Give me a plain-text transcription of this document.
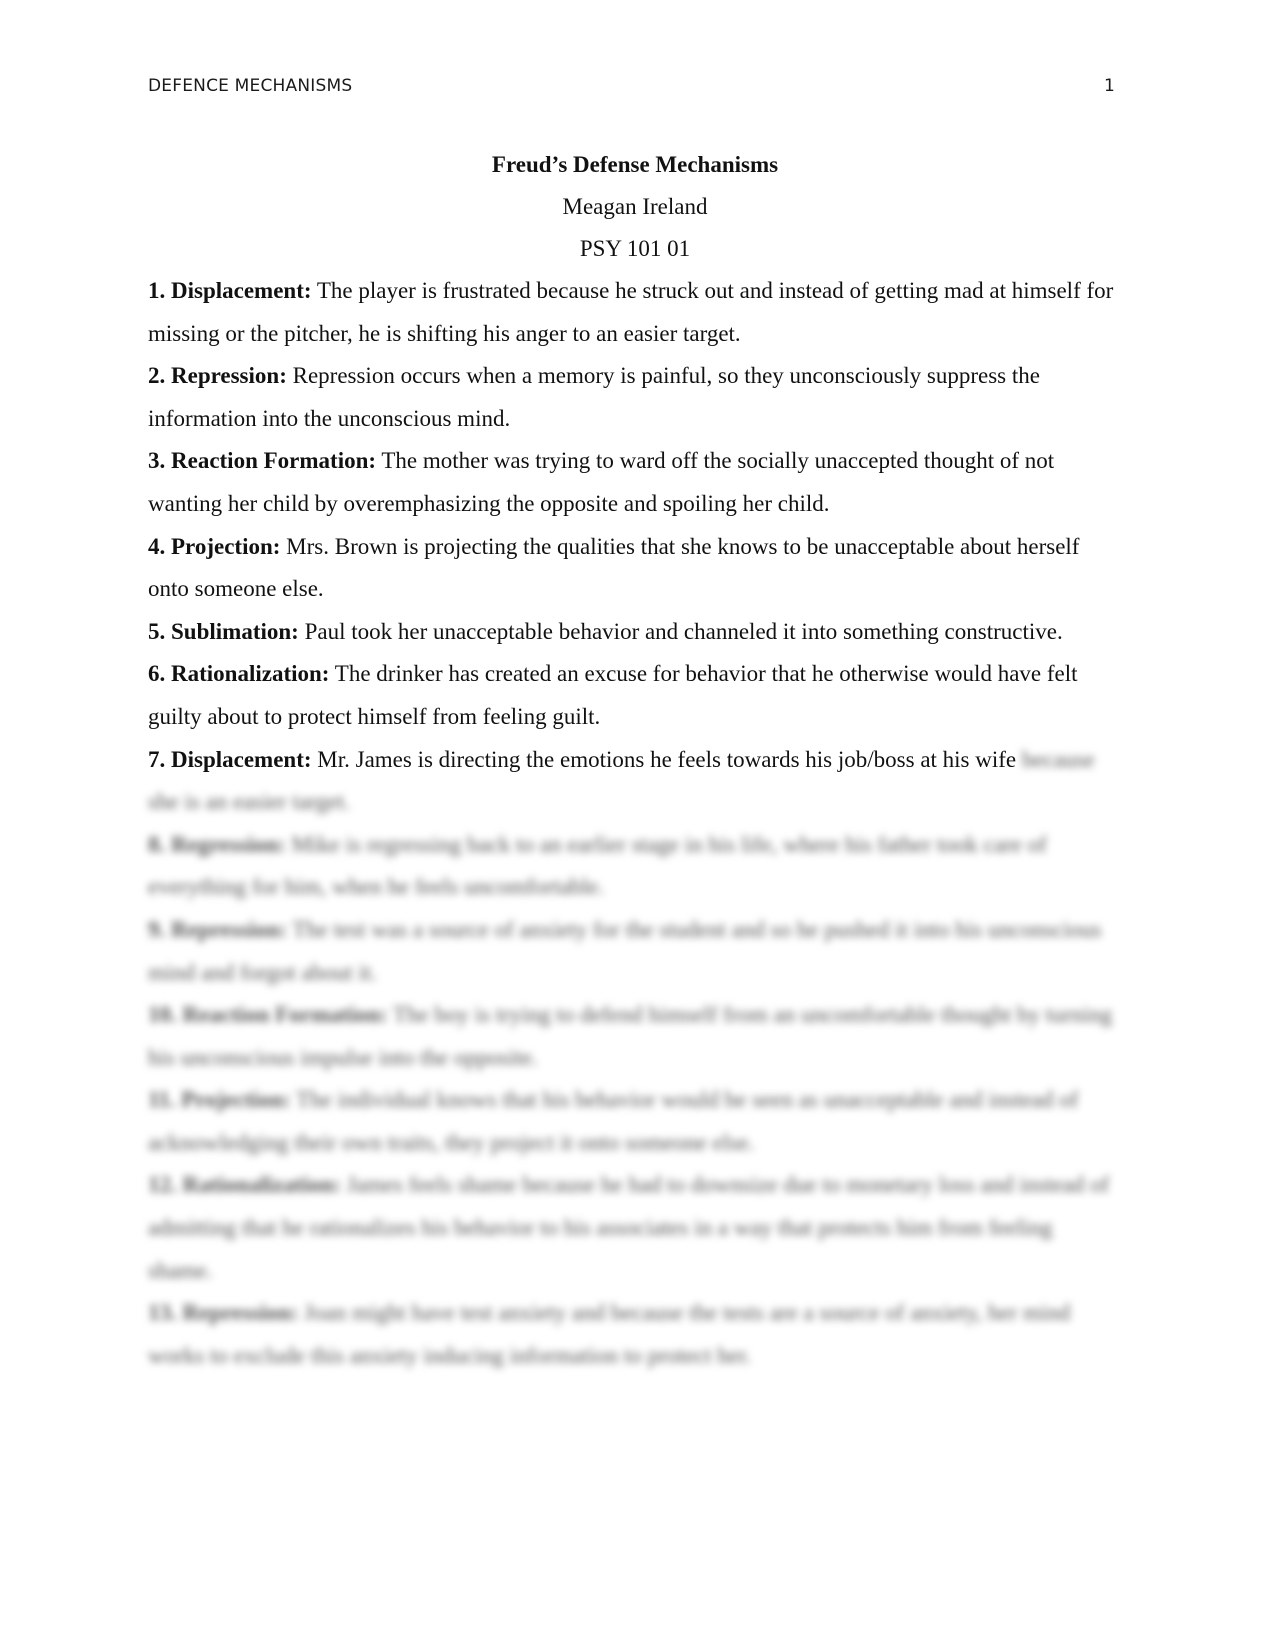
DEFENCE MECHANISMS	1
Freud’s Defense Mechanisms
Meagan Ireland
PSY 101 01

1. Displacement: The player is frustrated because he struck out and instead of getting mad at himself for missing or the pitcher, he is shifting his anger to an easier target.

2. Repression: Repression occurs when a memory is painful, so they unconsciously suppress the information into the unconscious mind.

3. Reaction Formation: The mother was trying to ward off the socially unaccepted thought of not wanting her child by overemphasizing the opposite and spoiling her child.

4. Projection: Mrs. Brown is projecting the qualities that she knows to be unacceptable about herself onto someone else.

5. Sublimation: Paul took her unacceptable behavior and channeled it into something constructive.

6. Rationalization: The drinker has created an excuse for behavior that he otherwise would have felt guilty about to protect himself from feeling guilt.

7. Displacement: Mr. James is directing the emotions he feels towards his job/boss at his wife because she is an easier target.

8. Regression: Mike is regressing back to an earlier stage in his life, where his father took care of everything for him, when he feels uncomfortable.

9. Repression: The test was a source of anxiety for the student and so he pushed it into his unconscious mind and forgot about it.

10. Reaction Formation: The boy is trying to defend himself from an uncomfortable thought by turning his unconscious impulse into the opposite.

11. Projection: The individual knows that his behavior would be seen as unacceptable and instead of acknowledging their own traits, they project it onto someone else.

12. Rationalization: James feels shame because he had to downsize due to monetary loss and instead of admitting that he rationalizes his behavior to his associates in a way that protects him from feeling shame.

13. Repression: Joan might have test anxiety and because the tests are a source of anxiety, her mind works to exclude this anxiety inducing information to protect her.
